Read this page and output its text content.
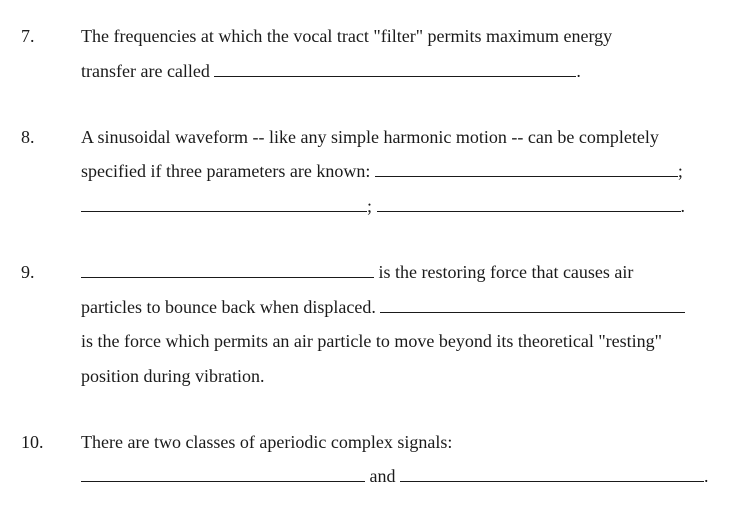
7.	The frequencies at which the vocal tract "filter" permits maximum energy
transfer are called	.
8.	A sinusoidal waveform -- like any simple harmonic motion -- can be completely
specified if three parameters are known:	;
;	.
9.	is the restoring force that causes air
particles to bounce back when displaced.
is the force which permits an air particle to move beyond its theoretical "resting"
position during vibration.
10. There are two classes of aperiodic complex signals:
and	.
